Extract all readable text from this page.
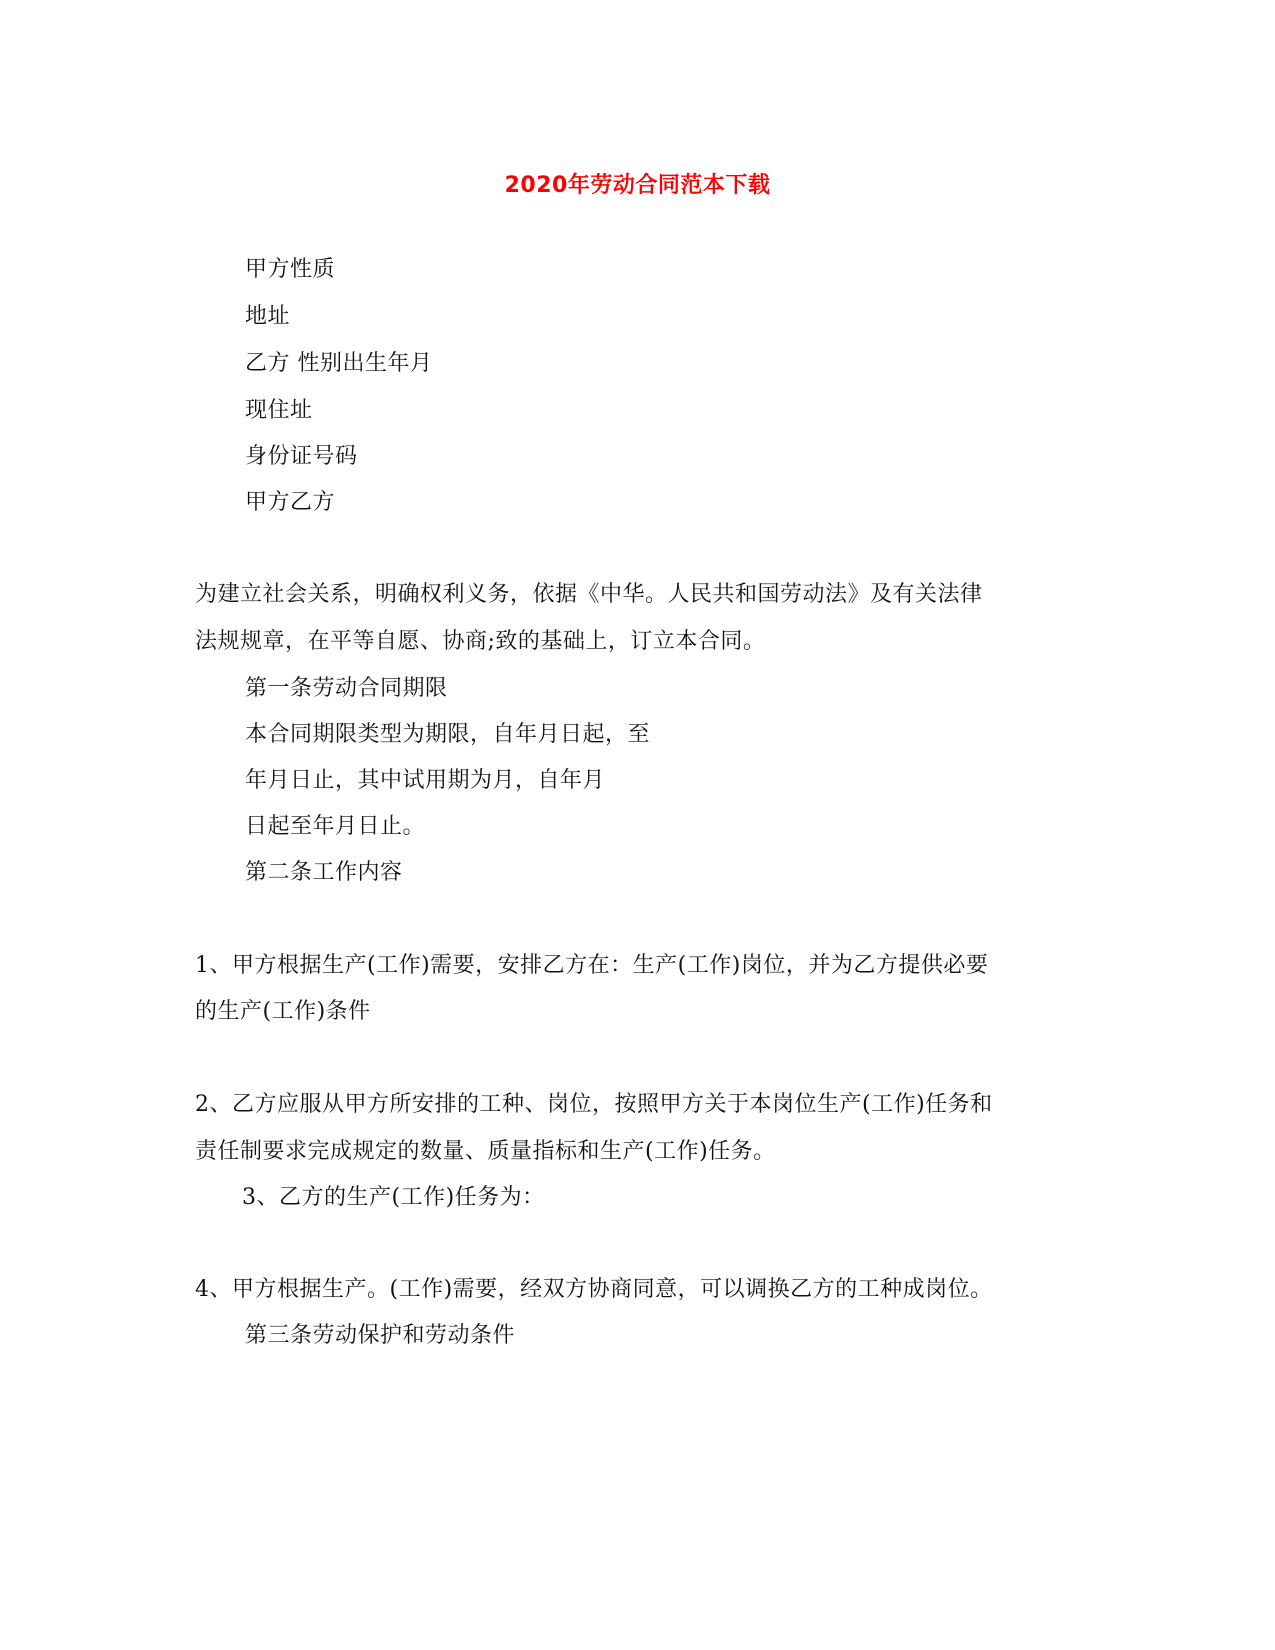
2020年劳动合同范本下载
甲方性质
地址
乙方 性别出生年月
现住址
身份证号码
甲方乙方
为建立社会关系，明确权利义务，依据《中华。人民共和国劳动法》及有关法律
法规规章，在平等自愿、协商;致的基础上，订立本合同。
第一条劳动合同期限
本合同期限类型为期限，自年月日起，至
年月日止，其中试用期为月，自年月
日起至年月日止。
第二条工作内容
1、甲方根据生产(工作)需要，安排乙方在：生产(工作)岗位，并为乙方提供必要
的生产(工作)条件
2、乙方应服从甲方所安排的工种、岗位，按照甲方关于本岗位生产(工作)任务和
责任制要求完成规定的数量、质量指标和生产(工作)任务。
3、乙方的生产(工作)任务为：
4、甲方根据生产。(工作)需要，经双方协商同意，可以调换乙方的工种成岗位。
第三条劳动保护和劳动条件
